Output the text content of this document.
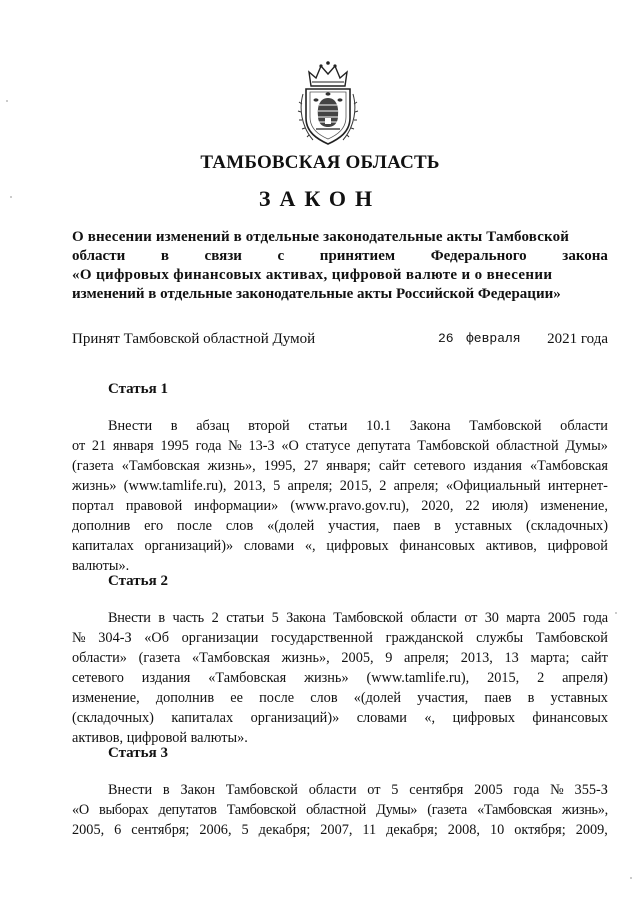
ТАМБОВСКАЯ ОБЛАСТЬ
ЗАКОН
О внесении изменений в отдельные законодательные акты Тамбовской
области в связи с принятием Федерального закона
«О цифровых финансовых активах, цифровой валюте и о внесении
изменений в отдельные законодательные акты Российской Федерации»
Принят Тамбовской областной Думой	26 февраля 2021 года
Статья 1
Внести в абзац второй статьи 10.1 Закона Тамбовской области
от 21 января 1995 года № 13-З «О статусе депутата Тамбовской областной Думы»
(газета «Тамбовская жизнь», 1995, 27 января; сайт сетевого издания «Тамбовская
жизнь» (www.tamlife.ru), 2013, 5 апреля; 2015, 2 апреля; «Официальный интернет-
портал правовой информации» (www.pravo.gov.ru), 2020, 22 июля) изменение,
дополнив его после слов «(долей участия, паев в уставных (складочных)
капиталах организаций)» словами «, цифровых финансовых активов, цифровой
валюты».
Статья 2
Внести в часть 2 статьи 5 Закона Тамбовской области от 30 марта 2005 года
№ 304-З «Об организации государственной гражданской службы Тамбовской
области» (газета «Тамбовская жизнь», 2005, 9 апреля; 2013, 13 марта; сайт
сетевого издания «Тамбовская жизнь» (www.tamlife.ru), 2015, 2 апреля)
изменение, дополнив ее после слов «(долей участия, паев в уставных
(складочных) капиталах организаций)» словами «, цифровых финансовых
активов, цифровой валюты».
Статья 3
Внести в Закон Тамбовской области от 5 сентября 2005 года № 355-З
«О выборах депутатов Тамбовской областной Думы» (газета «Тамбовская жизнь»,
2005, 6 сентября; 2006, 5 декабря; 2007, 11 декабря; 2008, 10 октября; 2009,
